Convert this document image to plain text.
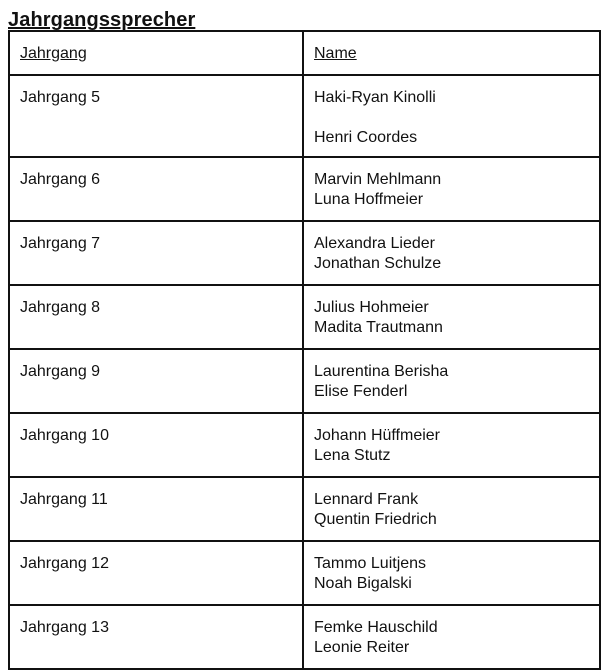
Jahrgangssprecher
Jahrgang	Name
Jahrgang 5	Haki-Ryan Kinolli
Henri Coordes

Jahrgang 6	Marvin Mehlmann
Luna Hoffmeier

Jahrgang 7	Alexandra Lieder
Jonathan Schulze

Jahrgang 8	Julius Hohmeier
Madita Trautmann

Jahrgang 9	Laurentina Berisha
Elise Fenderl

Jahrgang 10	Johann Hüffmeier
Lena Stutz

Jahrgang 11	Lennard Frank
Quentin Friedrich

Jahrgang 12	Tammo Luitjens
Noah Bigalski

Jahrgang 13	Femke Hauschild
Leonie Reiter
